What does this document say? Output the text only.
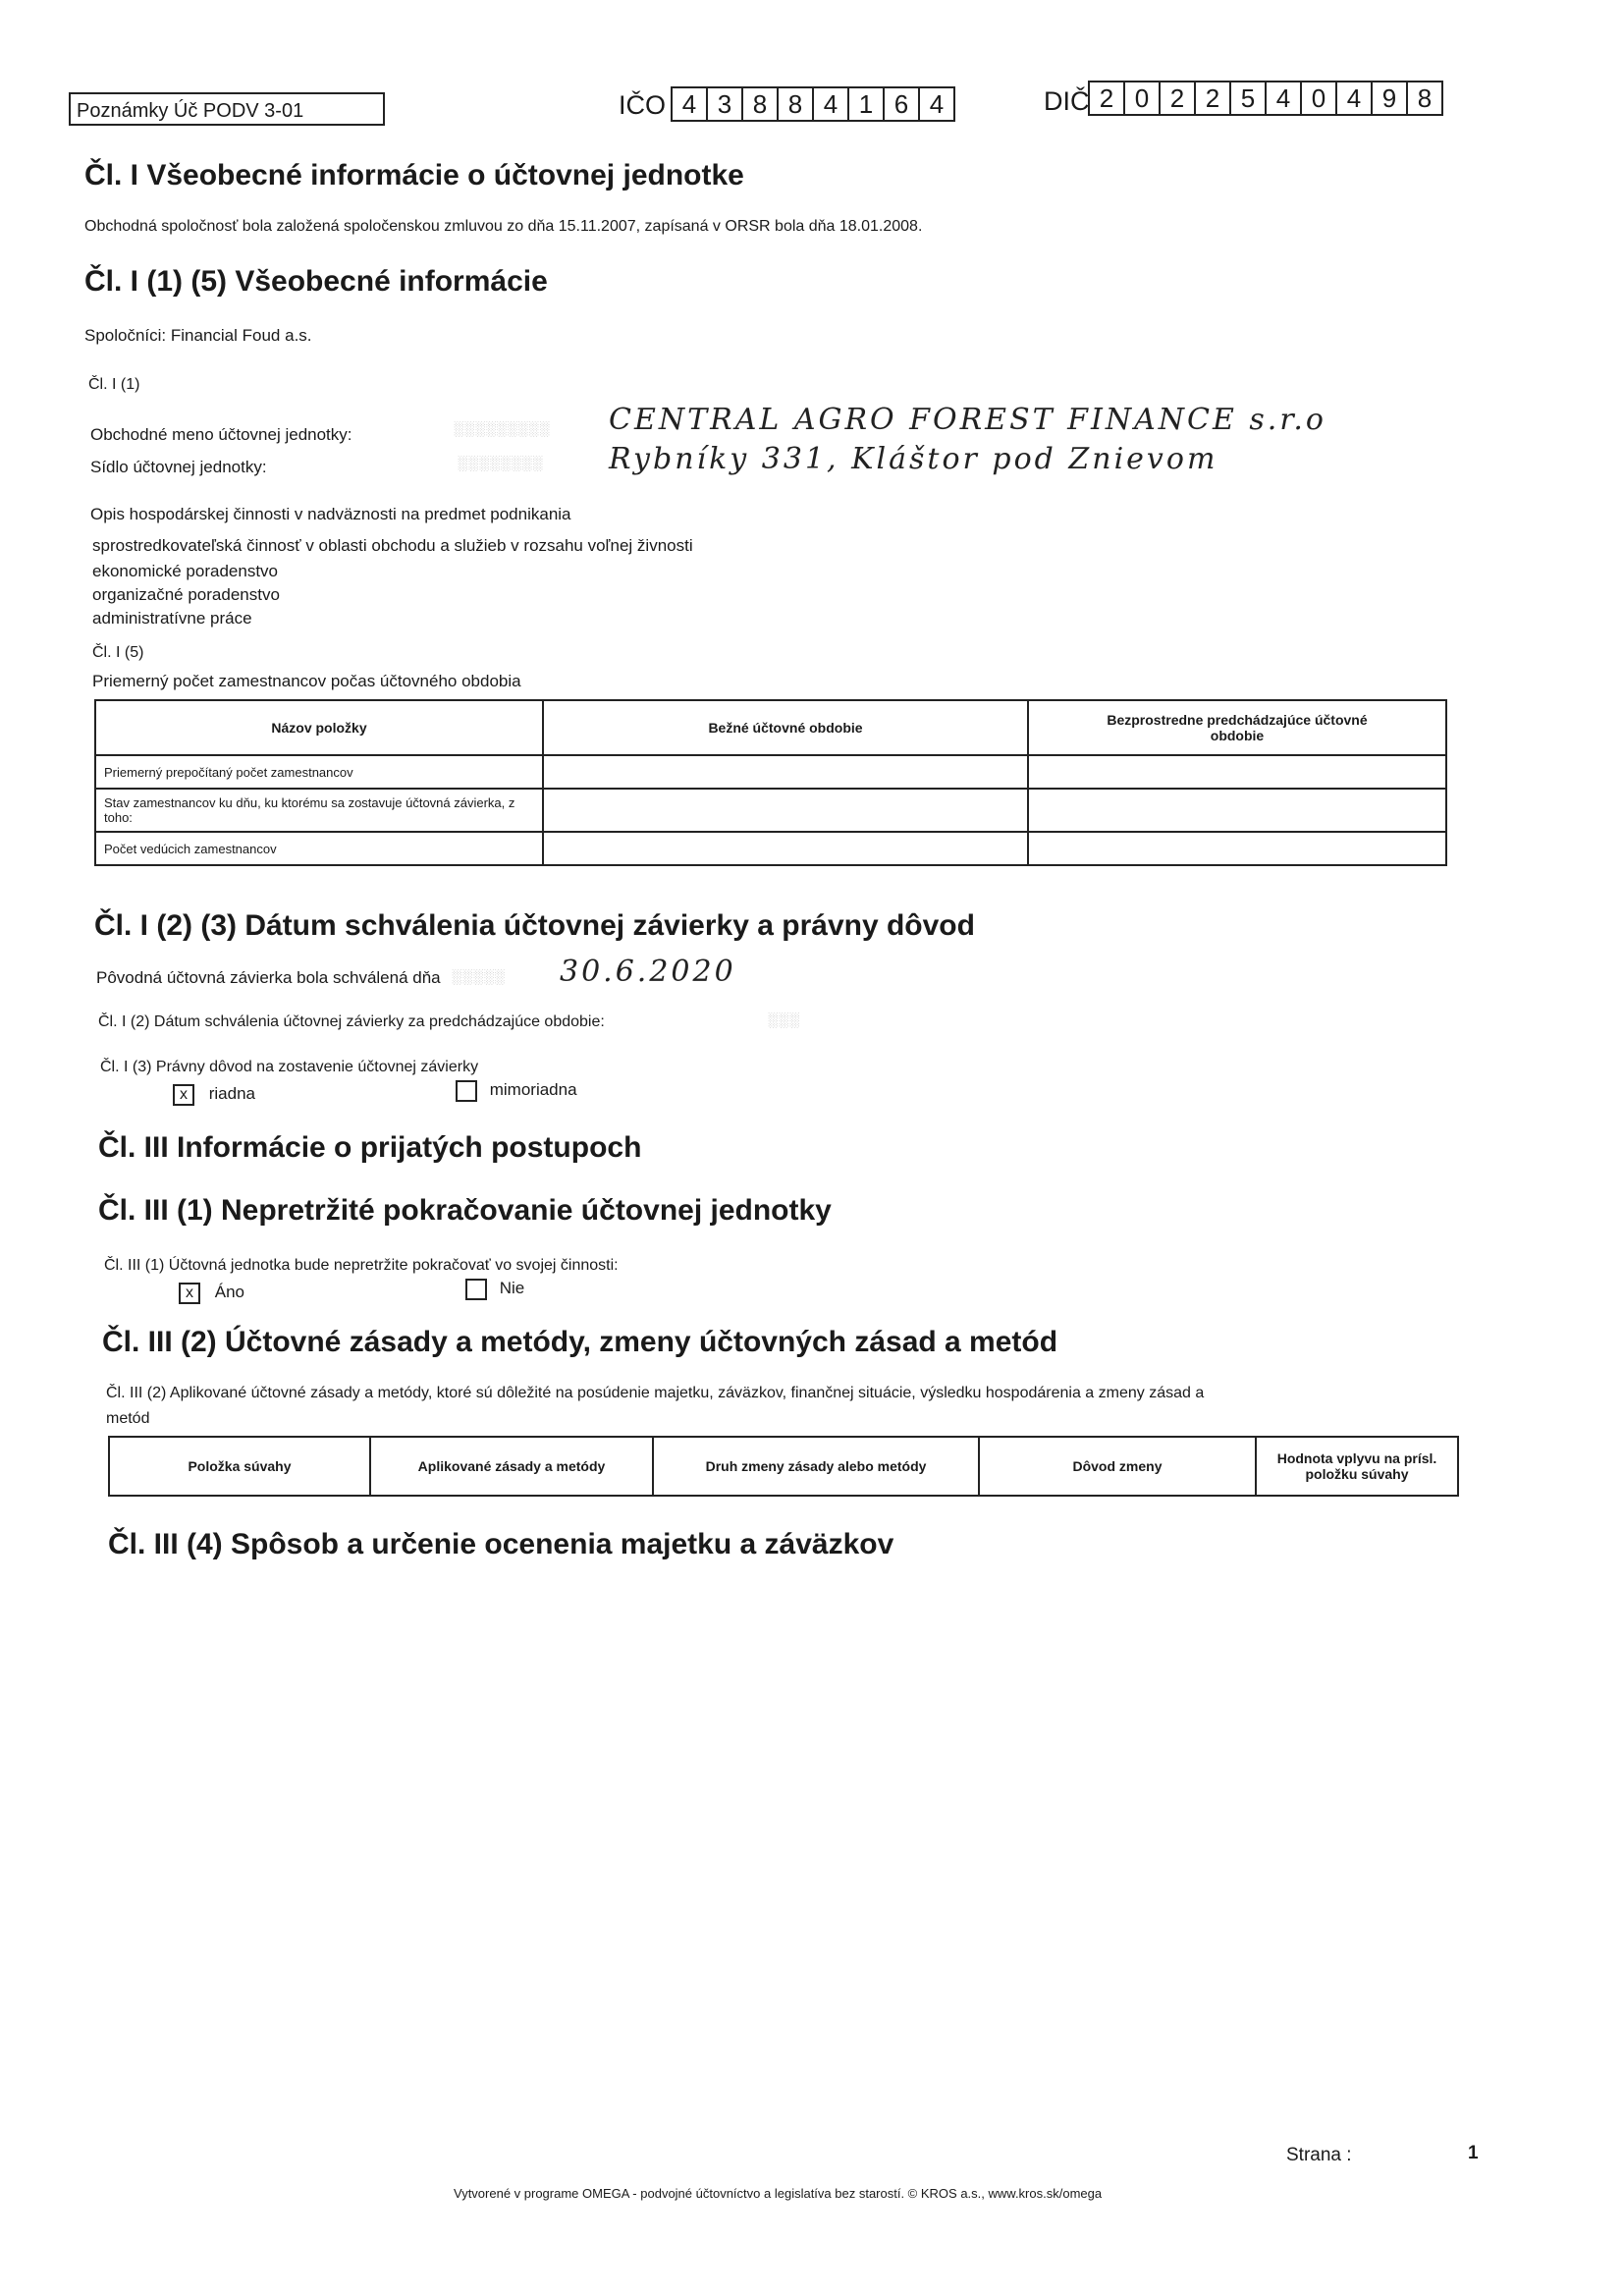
Poznámky Úč PODV 3-01	IČO 4 3 8 8 4 1 6 4	DIČ 2 0 2 2 5 4 0 4 9 8
Čl. I Všeobecné informácie o účtovnej jednotke
Obchodná spoločnosť bola založená spoločenskou zmluvou zo dňa 15.11.2007, zapísaná v ORSR bola dňa 18.01.2008.
Čl. I (1) (5) Všeobecné informácie
Spoločníci: Financial Foud a.s.
Čl. I (1)
Obchodné meno účtovnej jednotky:	░░░░░░░░░ CENTRAL AGRO FOREST FINANCE s.r.o
Sídlo účtovnej jednotky:	░░░░░░░░ Rybníky 331, Kláštor pod Znievom
Opis hospodárskej činnosti v nadväznosti na predmet podnikania
sprostredkovateľská činnosť v oblasti obchodu a služieb v rozsahu voľnej živnosti
ekonomické poradenstvo
organizačné poradenstvo
administratívne práce
Čl. I (5)
Priemerný počet zamestnancov počas účtovného obdobia
Názov položky	Bežné účtovné obdobie	Bezprostredne predchádzajúce účtovné obdobie
Priemerný prepočítaný počet zamestnancov		
Stav zamestnancov ku dňu, ku ktorému sa zostavuje účtovná závierka, z toho:		
Počet vedúcich zamestnancov		
Čl. I (2) (3) Dátum schválenia účtovnej závierky a právny dôvod
Pôvodná účtovná závierka bola schválená dňa ░░░░░ 30.6.2020
Čl. I (2) Dátum schválenia účtovnej závierky za predchádzajúce obdobie:	░░░
Čl. I (3) Právny dôvod na zostavenie účtovnej závierky
x riadna	mimoriadna
Čl. III Informácie o prijatých postupoch
Čl. III (1) Nepretržité pokračovanie účtovnej jednotky
Čl. III (1) Účtovná jednotka bude nepretržite pokračovať vo svojej činnosti:
x Áno	Nie
Čl. III (2) Účtovné zásady a metódy, zmeny účtovných zásad a metód
Čl. III (2) Aplikované účtovné zásady a metódy, ktoré sú dôležité na posúdenie majetku, záväzkov, finančnej situácie, výsledku hospodárenia a zmeny zásad a
metód
Položka súvahy	Aplikované zásady a metódy	Druh zmeny zásady alebo metódy	Dôvod zmeny	Hodnota vplyvu na prísl. položku súvahy
Čl. III (4) Spôsob a určenie ocenenia majetku a záväzkov
Strana :	1
Vytvorené v programe OMEGA - podvojné účtovníctvo a legislatíva bez starostí. © KROS a.s., www.kros.sk/omega
